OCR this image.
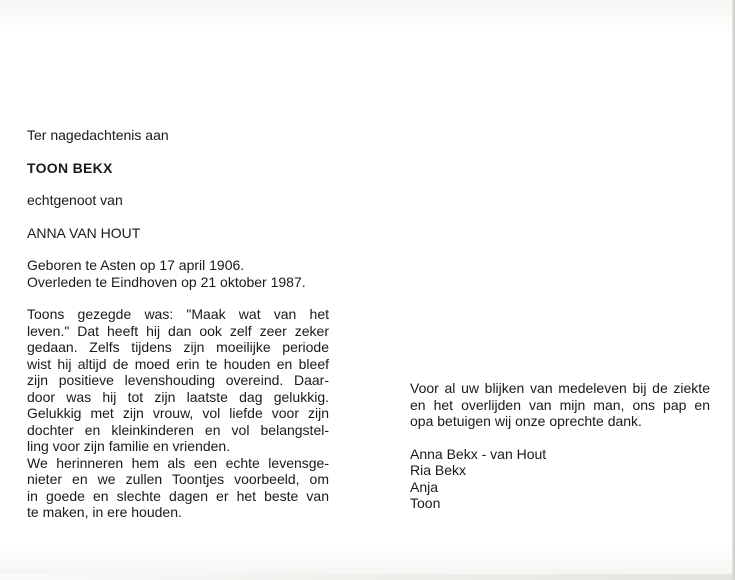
Ter nagedachtenis aan
TOON BEKX
echtgenoot van
ANNA VAN HOUT
Geboren te Asten op 17 april 1906.
Overleden te Eindhoven op 21 oktober 1987.
Toons gezegde was: "Maak wat van het
leven." Dat heeft hij dan ook zelf zeer zeker
gedaan. Zelfs tijdens zijn moeilijke periode
wist hij altijd de moed erin te houden en bleef
zijn positieve levenshouding overeind. Daar-
door was hij tot zijn laatste dag gelukkig.
Gelukkig met zijn vrouw, vol liefde voor zijn
dochter en kleinkinderen en vol belangstel-
ling voor zijn familie en vrienden.
We herinneren hem als een echte levensge-
nieter en we zullen Toontjes voorbeeld, om
in goede en slechte dagen er het beste van
te maken, in ere houden.
Voor al uw blijken van medeleven bij de ziekte
en het overlijden van mijn man, ons pap en
opa betuigen wij onze oprechte dank.
Anna Bekx - van Hout
Ria Bekx
Anja
Toon
